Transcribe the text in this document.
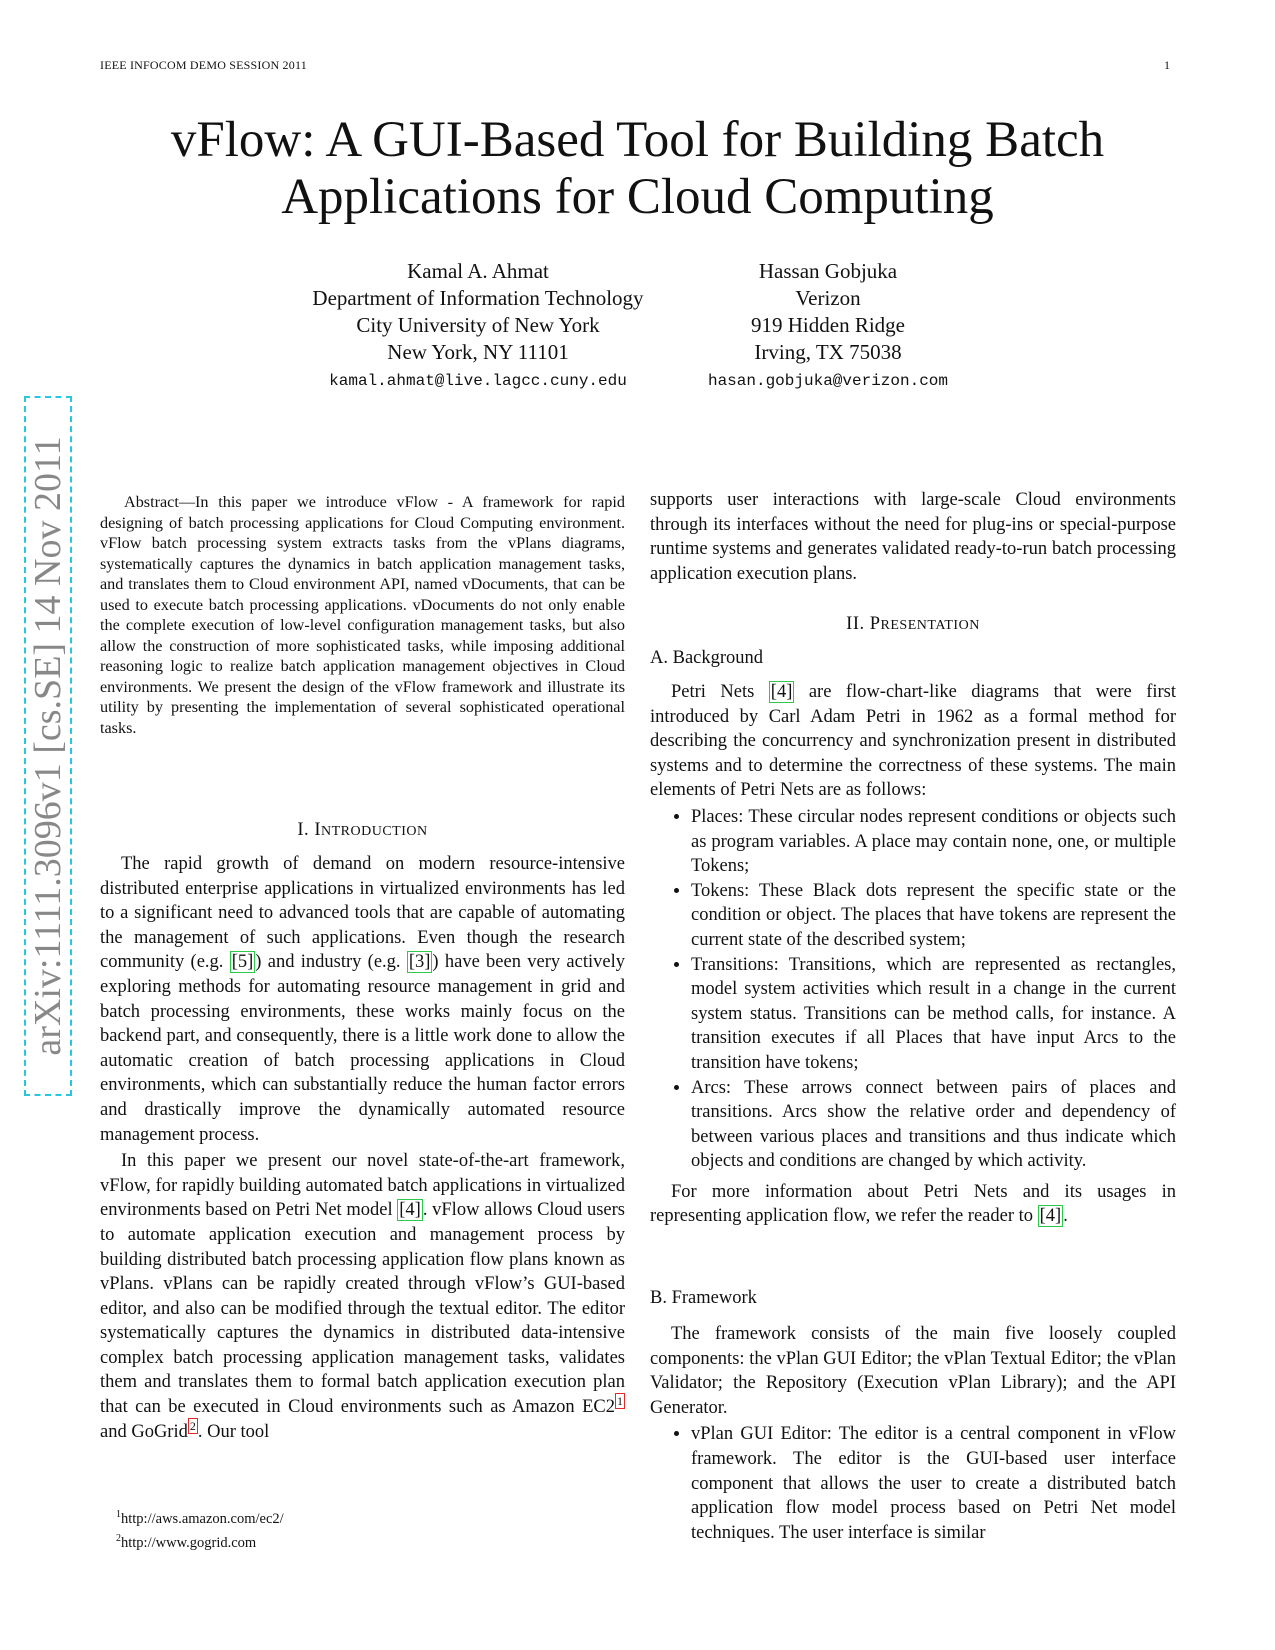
IEEE INFOCOM DEMO SESSION 2011	1
vFlow: A GUI-Based Tool for Building Batch
Applications for Cloud Computing
Kamal A. Ahmat
Department of Information Technology
City University of New York
New York, NY 11101
kamal.ahmat@live.lagcc.cuny.edu
Hassan Gobjuka
Verizon
919 Hidden Ridge
Irving, TX 75038
hasan.gobjuka@verizon.com
arXiv:1111.3096v1 [cs.SE] 14 Nov 2011	Abstract—In this paper we introduce vFlow - A framework for rapid designing of batch processing applications for Cloud Computing environment. vFlow batch processing system extracts tasks from the vPlans diagrams, systematically captures the dynamics in batch application management tasks, and translates them to Cloud environment API, named vDocuments, that can be used to execute batch processing applications. vDocuments do not only enable the complete execution of low-level configuration management tasks, but also allow the construction of more sophisticated tasks, while imposing additional reasoning logic to realize batch application management objectives in Cloud environments. We present the design of the vFlow framework and illustrate its utility by presenting the implementation of several sophisticated operational tasks.

I. INTRODUCTION

The rapid growth of demand on modern resource-intensive distributed enterprise applications in virtualized environments has led to a significant need to advanced tools that are capable of automating the management of such applications. Even though the research community (e.g. [5] ) and industry (e.g. [3] ) have been very actively exploring methods for automating resource management in grid and batch processing environments, these works mainly focus on the backend part, and consequently, there is a little work done to allow the automatic creation of batch processing applications in Cloud environments, which can substantially reduce the human factor errors and drastically improve the dynamically automated resource management process.

In this paper we present our novel state-of-the-art framework, vFlow, for rapidly building automated batch applications in virtualized environments based on Petri Net model [4] . vFlow allows Cloud users to automate application execution and management process by building distributed batch processing application flow plans known as vPlans. vPlans can be rapidly created through vFlow’s GUI-based editor, and also can be modified through the textual editor. The editor systematically captures the dynamics in distributed data-intensive complex batch processing application management tasks, validates them and translates them to formal batch application execution plan that can be executed in Cloud environments such as Amazon EC2 $^1$ and GoGrid $^2$ . Our tool

$^1$http://aws.amazon.com/ec2/
$^2$http://www.gogrid.com

supports user interactions with large-scale Cloud environments through its interfaces without the need for plug-ins or special-purpose runtime systems and generates validated ready-to-run batch processing application execution plans.

II. PRESENTATION
A. Background

Petri Nets [4] are flow-chart-like diagrams that were first introduced by Carl Adam Petri in 1962 as a formal method for describing the concurrency and synchronization present in distributed systems and to determine the correctness of these systems. The main elements of Petri Nets are as follows:

• Places: These circular nodes represent conditions or objects such as program variables. A place may contain none, one, or multiple Tokens;
• Tokens: These Black dots represent the specific state or the condition or object. The places that have tokens are represent the current state of the described system;
• Transitions: Transitions, which are represented as rectangles, model system activities which result in a change in the current system status. Transitions can be method calls, for instance. A transition executes if all Places that have input Arcs to the transition have tokens;
• Arcs: These arrows connect between pairs of places and transitions. Arcs show the relative order and dependency of between various places and transitions and thus indicate which objects and conditions are changed by which activity.

For more information about Petri Nets and its usages in representing application flow, we refer the reader to [4] .

B. Framework

The framework consists of the main five loosely coupled components: the vPlan GUI Editor; the vPlan Textual Editor; the vPlan Validator; the Repository (Execution vPlan Library); and the API Generator.

• vPlan GUI Editor: The editor is a central component in vFlow framework. The editor is the GUI-based user interface component that allows the user to create a distributed batch application flow model process based on Petri Net model techniques. The user interface is similar
